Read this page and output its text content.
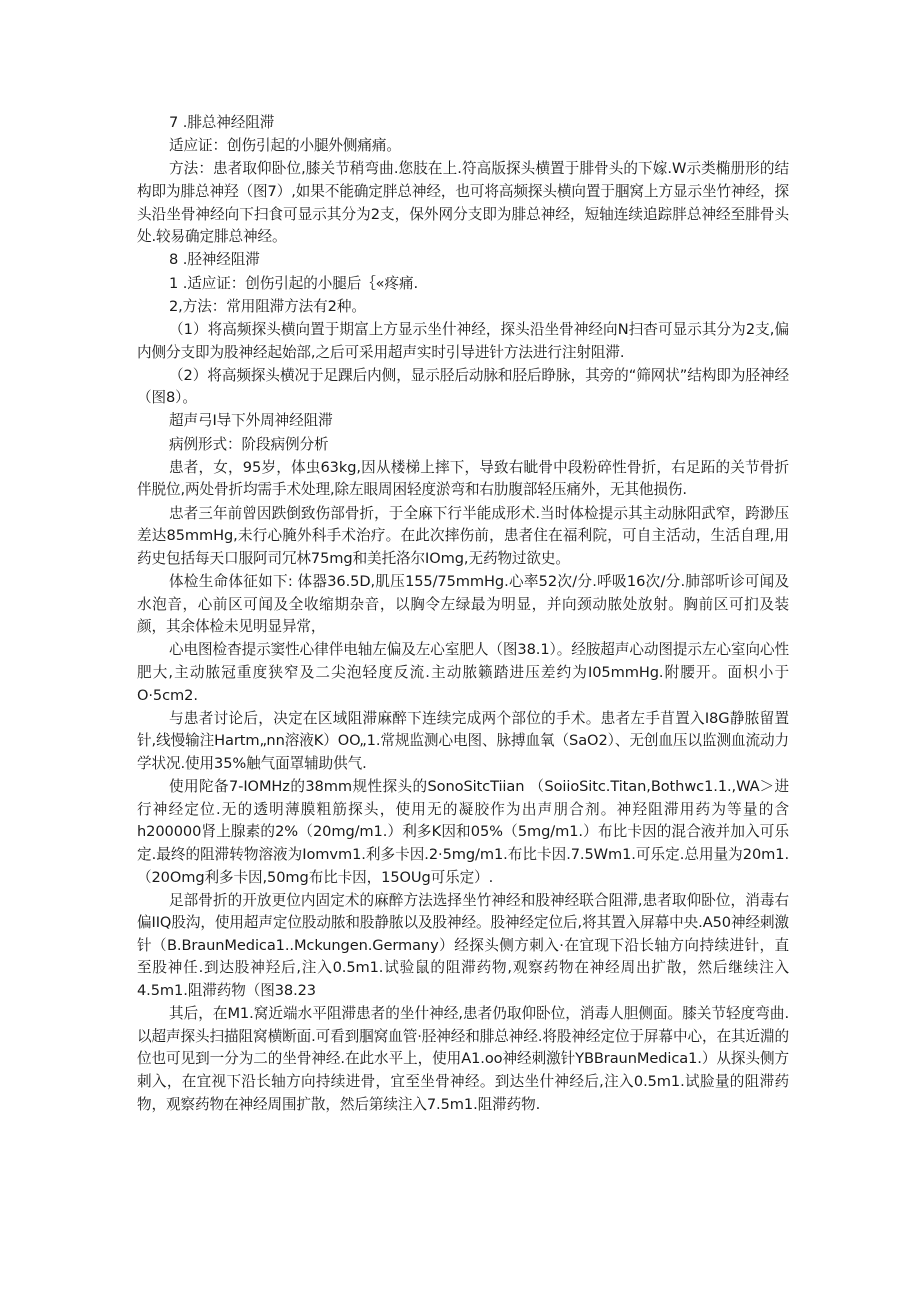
7 .腓总神经阻滞

适应证：创伤引起的小腿外侧痛痛。

方法：患者取仰卧位,膝关节稍弯曲.您肢在上.符高版探头横置于腓骨头的下嫁.W示类椭册形的结构即为腓总神羟（图7）,如果不能确定胖总神经，也可将高频探头横向置于腘窝上方显示坐竹神经，探头沿坐骨神经向下扫食可显示其分为2支，保外网分支即为腓总神经，短轴连续追踪胖总神经至腓骨头处.较易确定腓总神经。

8 .胫神经阻滞

1 .适应证：创伤引起的小腿后｛«疼痛.

2,方法：常用阻滞方法有2种。

（1）将高频探头横向置于期富上方显示坐什神经，探头沿坐骨神经向N扫杳可显示其分为2支,偏内侧分支即为股神经起始部,之后可采用超声实时引导进针方法进行注射阻滞.

（2）将高频探头横况于足踝后内侧，显示胫后动脉和胫后睁脉，其旁的“筛网状”结构即为胫神经（图8）。

超声弓I导下外周神经阻滞

病例形式：阶段病例分析

患者，女，95岁，体虫63kg,因从楼梯上摔下，导致右眦骨中段粉碎性骨折，右足跖的关节骨折伴脱位,两处骨折均需手术处理,除左眼周困轻度淤弯和右肋腹部轻压痛外，无其他损伤.

忠者三年前曾因跌倒致伤部骨折，于全麻下行半能成形术.当时体检提示其主动脉阳武窄，跨渺压差达85mmHg,未行心腌外科手术治疗。在此次摔伤前，患者住在福利院，可自主活动，生活自理,用药史包括每天口服阿司冗林75mg和美托洛尔IOmg,无药物过欲史。

体检生命体征如下: 体器36.5D,肌压155∕75mmHg.心率52次/分.呼吸16次/分.肺部听诊可闻及水泡音，心前区可闻及全收缩期杂音，以胸令左绿最为明显，并向颈动脓处放射。胸前区可扪及装颜，其余体检未见明显异常，

心电图检杳提示窦性心律伴电轴左偏及左心室肥人（图38.1）。经胺超声心动图提示左心室向心性肥大,主动脓冠重度狭窄及二尖泡轻度反流.主动脓籁踏进压差约为I05mmHg.附腰开。面枳小于O·5cm2.

与患者讨论后，决定在区域阻滞麻醉下连续完成两个部位的手术。患者左手苜置入I8G静脓留置针,线慢输注Hartm„nn溶液K）OO„1.常规监测心电图、脉搏血氧（SaO2）、无创血压以监测血流动力学状况.使用35%触气面罩辅助供气.

使用陀备7-IOMHz的38mm规性探头的SonoSitcTiian （SoiioSitc.Titan,Bothwc1.1.,WA＞进行神经定位.无的透明薄膜粗筋探头，使用无的凝胶作为出声朋合剂。神羟阻滞用药为等量的含h200000肾上腺素的2%（20mg∕m1.）利多K因和05%（5mg∕m1.）布比卡因的混合液并加入可乐定.最终的阻滞转物溶液为Iomvm1.利多卡因.2·5mg∕m1.布比卡因.7.5Wm1.可乐定.总用量为20m1.（20Omg利多卡因,50mg布比卡因，15OUg可乐定）.

足部骨折的开放更位内固定术的麻醉方法选择坐竹神经和股神经联合阻滞,患者取仰卧位，消毒右偏IIQ股沟，使用超声定位股动脓和股静脓以及股神经。股神经定位后,将其置入屏幕中央.A50神经刺激针（B.BraunMedica1..Mckungen.Germany）经探头侧方刺入·在宜现下沿长轴方向持续进针，直至股神任.到达股神羟后,注入0.5m1.试验鼠的阻滞药物,观察药物在神经周出扩散，然后继续注入4.5m1.阻滞药物（图38.23

其后，在M1.窝近端水平阻滞患者的坐什神经,患者仍取仰卧位，消毒人胆侧面。膝关节轻度弯曲.以超声探头扫描阻窝横断面.可看到腘窝血管·胫神经和腓总神经.将股神经定位于屏幕中心，在其近淵的位也可见到一分为二的坐骨神经.在此水平上，使用A1.oo神经刺激针YBBraunMedica1.）从探头侧方刺入，在宜视下沿长轴方向持续进骨，宜至坐骨神经。到达坐什神经后,注入0.5m1.试脸量的阻滞药物，观察药物在神经周围扩散，然后第续注入7.5m1.阻滞药物.
